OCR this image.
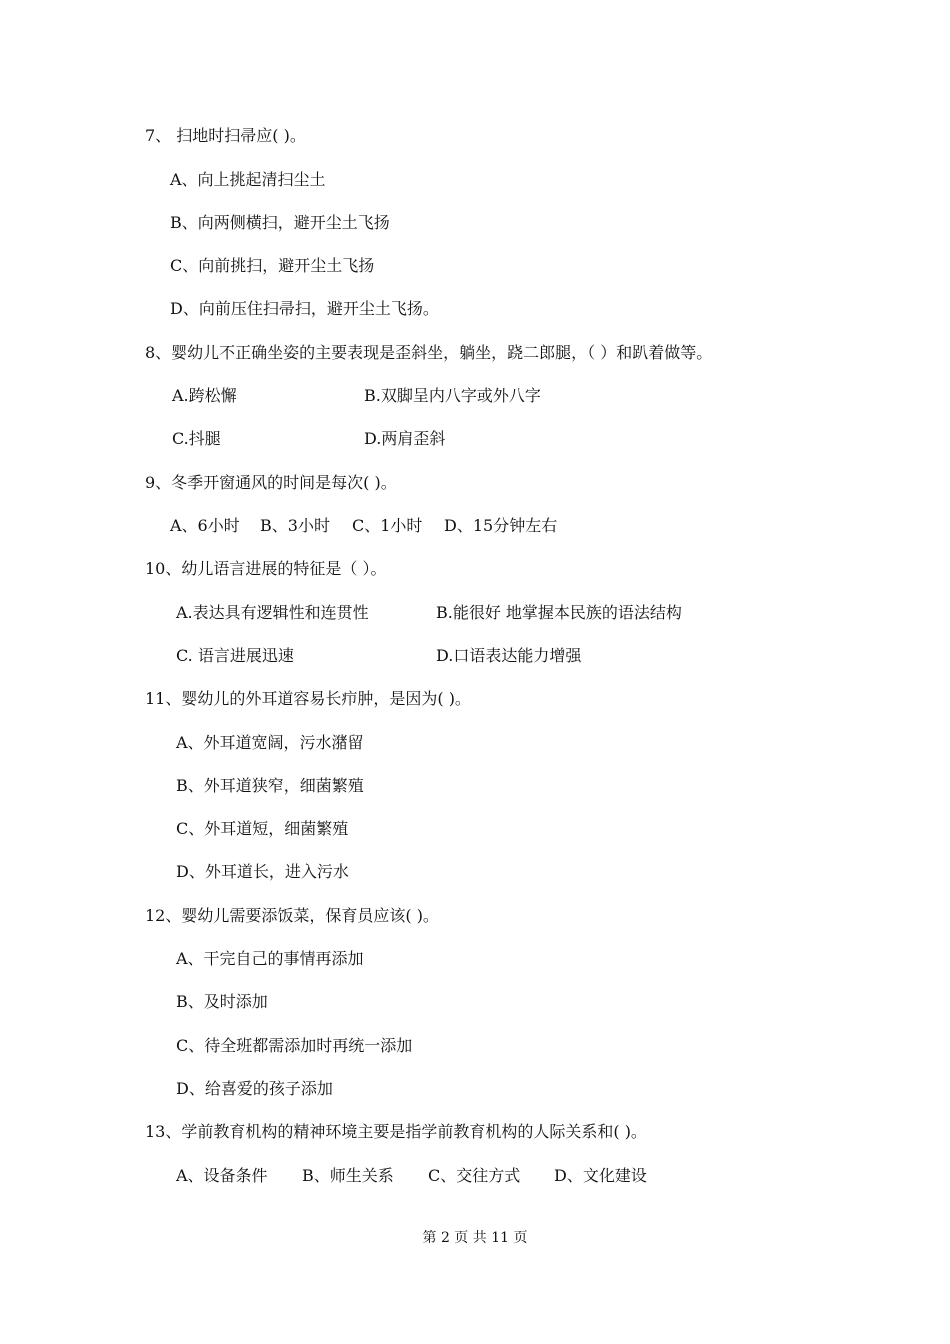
7、 扫地时扫帚应( )。
A、向上挑起清扫尘土
B、向两侧横扫，避开尘土飞扬
C、向前挑扫，避开尘土飞扬
D、向前压住扫帚扫，避开尘土飞扬。
8、婴幼儿不正确坐姿的主要表现是歪斜坐，躺坐，跷二郎腿，（ ）和趴着做等。
A.跨松懈	B.双脚呈内八字或外八字
C.抖腿	D.两肩歪斜
9、冬季开窗通风的时间是每次( )。
A、6小时 B、3小时 C、1小时 D、15分钟左右
10、幼儿语言进展的特征是（ ）。
A.表达具有逻辑性和连贯性	B.能很好 地掌握本民族的语法结构
C. 语言进展迅速	D.口语表达能力增强
11、婴幼儿的外耳道容易长疖肿，是因为( )。
A、外耳道宽阔，污水潴留
B、外耳道狭窄，细菌繁殖
C、外耳道短，细菌繁殖
D、外耳道长，进入污水
12、婴幼儿需要添饭菜，保育员应该( )。
A、干完自己的事情再添加
B、及时添加
C、待全班都需添加时再统一添加
D、给喜爱的孩子添加
13、学前教育机构的精神环境主要是指学前教育机构的人际关系和( )。
A、设备条件 B、师生关系 C、交往方式 D、文化建设
第 2 页 共 11 页
